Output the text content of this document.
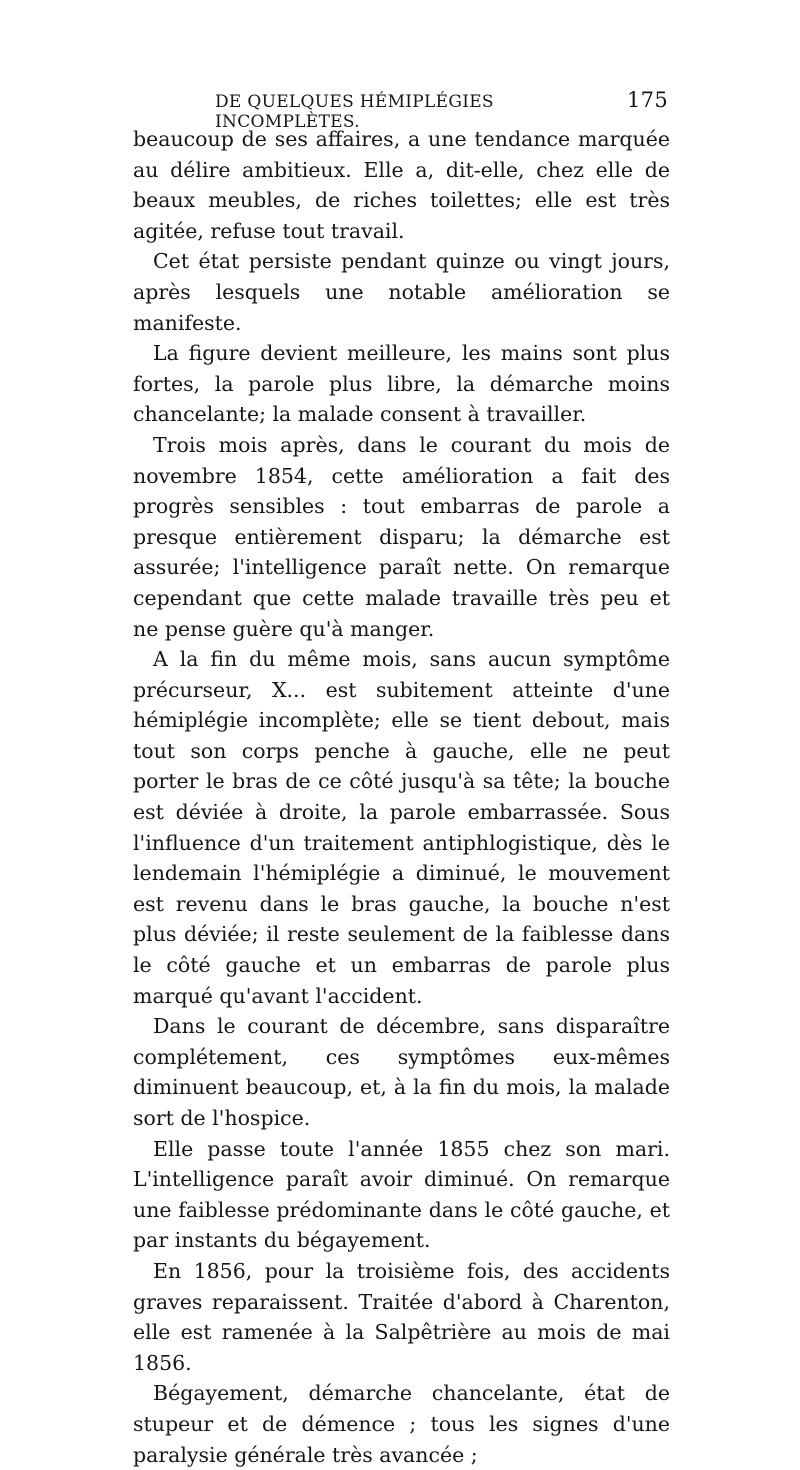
DE QUELQUES HÉMIPLÉGIES INCOMPLÈTES.
175

beaucoup de ses affaires, a une tendance marquée au délire ambitieux. Elle a, dit-elle, chez elle de beaux meubles, de riches toilettes; elle est très agitée, refuse tout travail.

Cet état persiste pendant quinze ou vingt jours, après lesquels une notable amélioration se manifeste.

La figure devient meilleure, les mains sont plus fortes, la parole plus libre, la démarche moins chancelante; la malade consent à travailler.

Trois mois après, dans le courant du mois de novembre 1854, cette amélioration a fait des progrès sensibles : tout embarras de parole a presque entièrement disparu; la démarche est assurée; l'intelligence paraît nette. On remarque cependant que cette malade travaille très peu et ne pense guère qu'à manger.

A la fin du même mois, sans aucun symptôme précurseur, X... est subitement atteinte d'une hémiplégie incomplète; elle se tient debout, mais tout son corps penche à gauche, elle ne peut porter le bras de ce côté jusqu'à sa tête; la bouche est déviée à droite, la parole embarrassée. Sous l'influence d'un traitement antiphlogistique, dès le lendemain l'hémiplégie a diminué, le mouvement est revenu dans le bras gauche, la bouche n'est plus déviée; il reste seulement de la faiblesse dans le côté gauche et un embarras de parole plus marqué qu'avant l'accident.

Dans le courant de décembre, sans disparaître complétement, ces symptômes eux-mêmes diminuent beaucoup, et, à la fin du mois, la malade sort de l'hospice.

Elle passe toute l'année 1855 chez son mari. L'intelligence paraît avoir diminué. On remarque une faiblesse prédominante dans le côté gauche, et par instants du bégayement.

En 1856, pour la troisième fois, des accidents graves reparaissent. Traitée d'abord à Charenton, elle est ramenée à la Salpêtrière au mois de mai 1856.

Bégayement, démarche chancelante, état de stupeur et de démence ; tous les signes d'une paralysie générale très avancée ;
